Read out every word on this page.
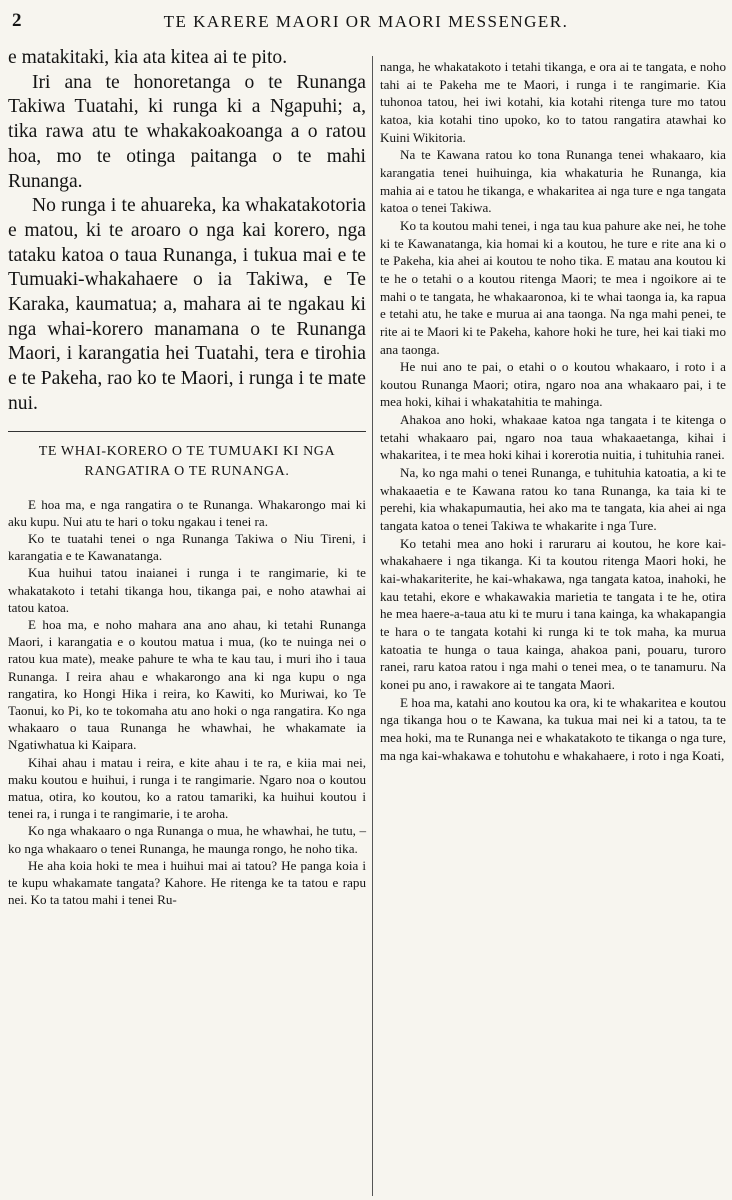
2	TE KARERE MAORI OR MAORI MESSENGER.

e matakitaki, kia ata kitea ai te pito.

Iri ana te honoretanga o te Runanga Takiwa Tuatahi, ki runga ki a Ngapuhi; a, tika rawa atu te whakakoakoanga a o ratou hoa, mo te otinga paitanga o te mahi Runanga.

No runga i te ahuareka, ka whakatakotoria e matou, ki te aroaro o nga kai korero, nga tataku katoa o taua Runanga, i tukua mai e te Tumuaki-whakahaere o ia Takiwa, e Te Karaka, kaumatua; a, mahara ai te ngakau ki nga whai-korero manamana o te Runanga Maori, i karangatia hei Tuatahi, tera e tirohia e te Pakeha, rao ko te Maori, i runga i te mate nui.

TE WHAI-KORERO O TE TUMUAKI KI NGA RANGATIRA O TE RUNANGA.

E hoa ma, e nga rangatira o te Runanga. Whakarongo mai ki aku kupu. Nui atu te hari o toku ngakau i tenei ra.

Ko te tuatahi tenei o nga Runanga Takiwa o Niu Tireni, i karangatia e te Kawanatanga.

Kua huihui tatou inaianei i runga i te rangimarie, ki te whakatakoto i tetahi tikanga hou, tikanga pai, e noho atawhai ai tatou katoa.

E hoa ma, e noho mahara ana ano ahau, ki tetahi Runanga Maori, i karangatia e o koutou matua i mua, (ko te nuinga nei o ratou kua mate), meake pahure te wha te kau tau, i muri iho i taua Runanga. I reira ahau e whakarongo ana ki nga kupu o nga rangatira, ko Hongi Hika i reira, ko Kawiti, ko Muriwai, ko Te Taonui, ko Pi, ko te tokomaha atu ano hoki o nga rangatira. Ko nga whakaaro o taua Runanga he whawhai, he whakamate ia Ngatiwhatua ki Kaipara.

Kihai ahau i matau i reira, e kite ahau i te ra, e kiia mai nei, maku koutou e huihui, i runga i te rangimarie. Ngaro noa o koutou matua, otira, ko koutou, ko a ratou tamariki, ka huihui koutou i tenei ra, i runga i te rangimarie, i te aroha.

Ko nga whakaaro o nga Runanga o mua, he whawhai, he tutu, – ko nga whakaaro o tenei Runanga, he maunga rongo, he noho tika.

He aha koia hoki te mea i huihui mai ai tatou? He panga koia i te kupu whakamate tangata? Kahore. He ritenga ke ta tatou e rapu nei. Ko ta tatou mahi i tenei Ru-

nanga, he whakatakoto i tetahi tikanga, e ora ai te tangata, e noho tahi ai te Pakeha me te Maori, i runga i te rangimarie. Kia tuhonoa tatou, hei iwi kotahi, kia kotahi ritenga ture mo tatou katoa, kia kotahi tino upoko, ko to tatou rangatira atawhai ko Kuini Wikitoria.

Na te Kawana ratou ko tona Runanga tenei whakaaro, kia karangatia tenei huihuinga, kia whakaturia he Runanga, kia mahia ai e tatou he tikanga, e whakaritea ai nga ture e nga tangata katoa o tenei Takiwa.

Ko ta koutou mahi tenei, i nga tau kua pahure ake nei, he tohe ki te Kawanatanga, kia homai ki a koutou, he ture e rite ana ki o te Pakeha, kia ahei ai koutou te noho tika. E matau ana koutou ki te he o tetahi o a koutou ritenga Maori; te mea i ngoikore ai te mahi o te tangata, he whakaaronoa, ki te whai taonga ia, ka rapua e tetahi atu, he take e murua ai ana taonga. Na nga mahi penei, te rite ai te Maori ki te Pakeha, kahore hoki he ture, hei kai tiaki mo ana taonga.

He nui ano te pai, o etahi o o koutou whakaaro, i roto i a koutou Runanga Maori; otira, ngaro noa ana whakaaro pai, i te mea hoki, kihai i whakatahitia te mahinga.

Ahakoa ano hoki, whakaae katoa nga tangata i te kitenga o tetahi whakaaro pai, ngaro noa taua whakaaetanga, kihai i whakaritea, i te mea hoki kihai i korerotia nuitia, i tuhituhia ranei.

Na, ko nga mahi o tenei Runanga, e tuhituhia katoatia, a ki te whakaaetia e te Kawana ratou ko tana Runanga, ka taia ki te perehi, kia whakapumautia, hei ako ma te tangata, kia ahei ai nga tangata katoa o tenei Takiwa te whakarite i nga Ture.

Ko tetahi mea ano hoki i raruraru ai koutou, he kore kai-whakahaere i nga tikanga. Ki ta koutou ritenga Maori hoki, he kai-whakariterite, he kai-whakawa, nga tangata katoa, inahoki, he kau tetahi, ekore e whakawakia marietia te tangata i te he, otira he mea haere-a-taua atu ki te muru i tana kainga, ka whakapangia te hara o te tangata kotahi ki runga ki te tok maha, ka murua katoatia te hunga o taua kainga, ahakoa pani, pouaru, turoro ranei, raru katoa ratou i nga mahi o tenei mea, o te tanamuru. Na konei pu ano, i rawakore ai te tangata Maori.

E hoa ma, katahi ano koutou ka ora, ki te whakaritea e koutou nga tikanga hou o te Kawana, ka tukua mai nei ki a tatou, ta te mea hoki, ma te Runanga nei e whakatakoto te tikanga o nga ture, ma nga kai-whakawa e tohutohu e whakahaere, i roto i nga Koati,
